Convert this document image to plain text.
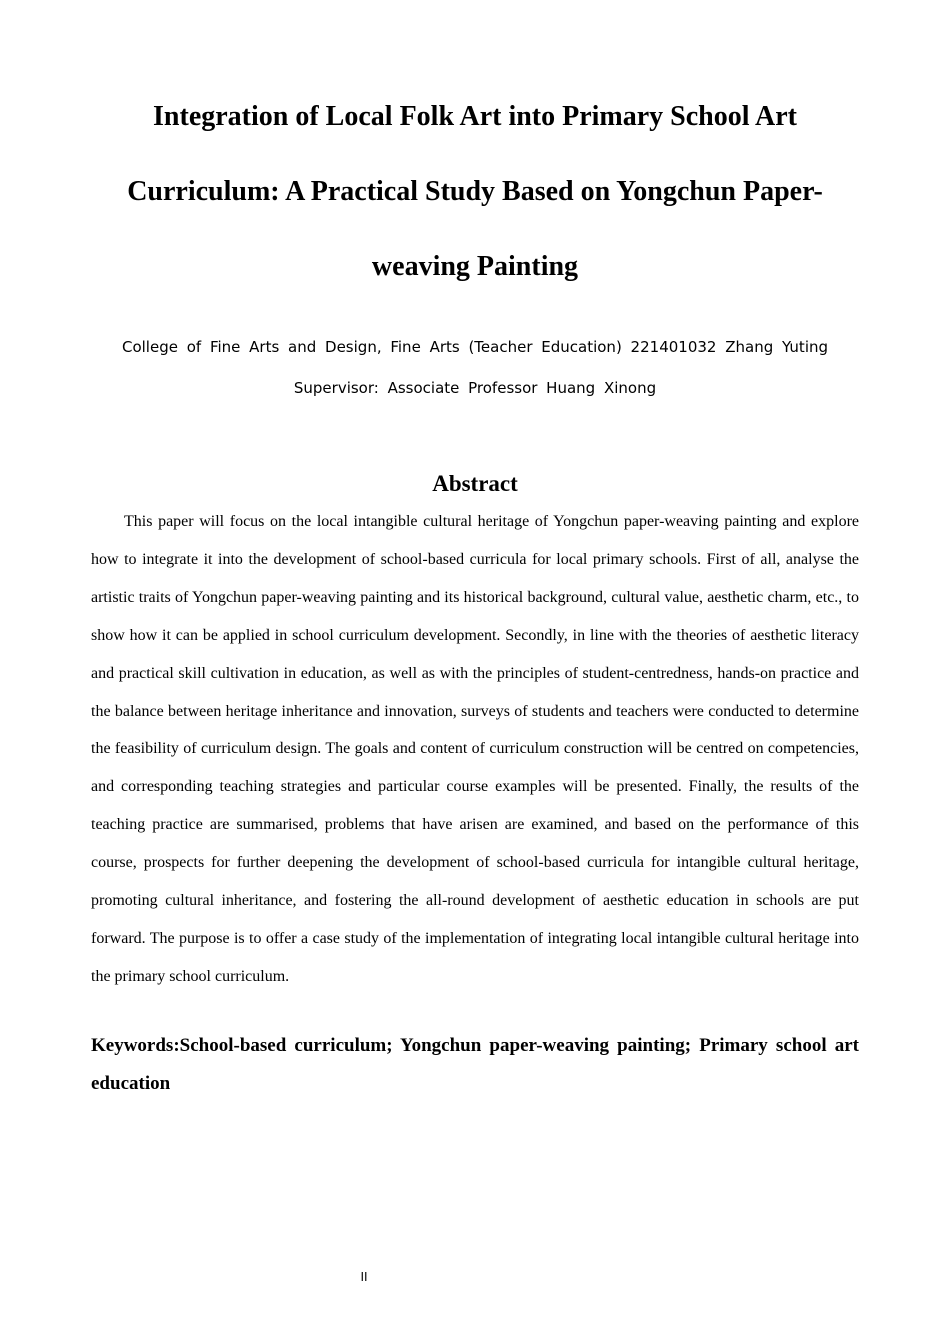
Integration of Local Folk Art into Primary School Art Curriculum: A Practical Study Based on Yongchun Paper-weaving Painting

College of Fine Arts and Design, Fine Arts (Teacher Education) 221401032 Zhang Yuting

Supervisor: Associate Professor Huang Xinong

Abstract

This paper will focus on the local intangible cultural heritage of Yongchun paper-weaving painting and explore how to integrate it into the development of school-based curricula for local primary schools. First of all, analyse the artistic traits of Yongchun paper-weaving painting and its historical background, cultural value, aesthetic charm, etc., to show how it can be applied in school curriculum development. Secondly, in line with the theories of aesthetic literacy and practical skill cultivation in education, as well as with the principles of student-centredness, hands-on practice and the balance between heritage inheritance and innovation, surveys of students and teachers were conducted to determine the feasibility of curriculum design. The goals and content of curriculum construction will be centred on competencies, and corresponding teaching strategies and particular course examples will be presented. Finally, the results of the teaching practice are summarised, problems that have arisen are examined, and based on the performance of this course, prospects for further deepening the development of school-based curricula for intangible cultural heritage, promoting cultural inheritance, and fostering the all-round development of aesthetic education in schools are put forward. The purpose is to offer a case study of the implementation of integrating local intangible cultural heritage into the primary school curriculum.

Keywords:School-based curriculum; Yongchun paper-weaving painting; Primary school art education

II
